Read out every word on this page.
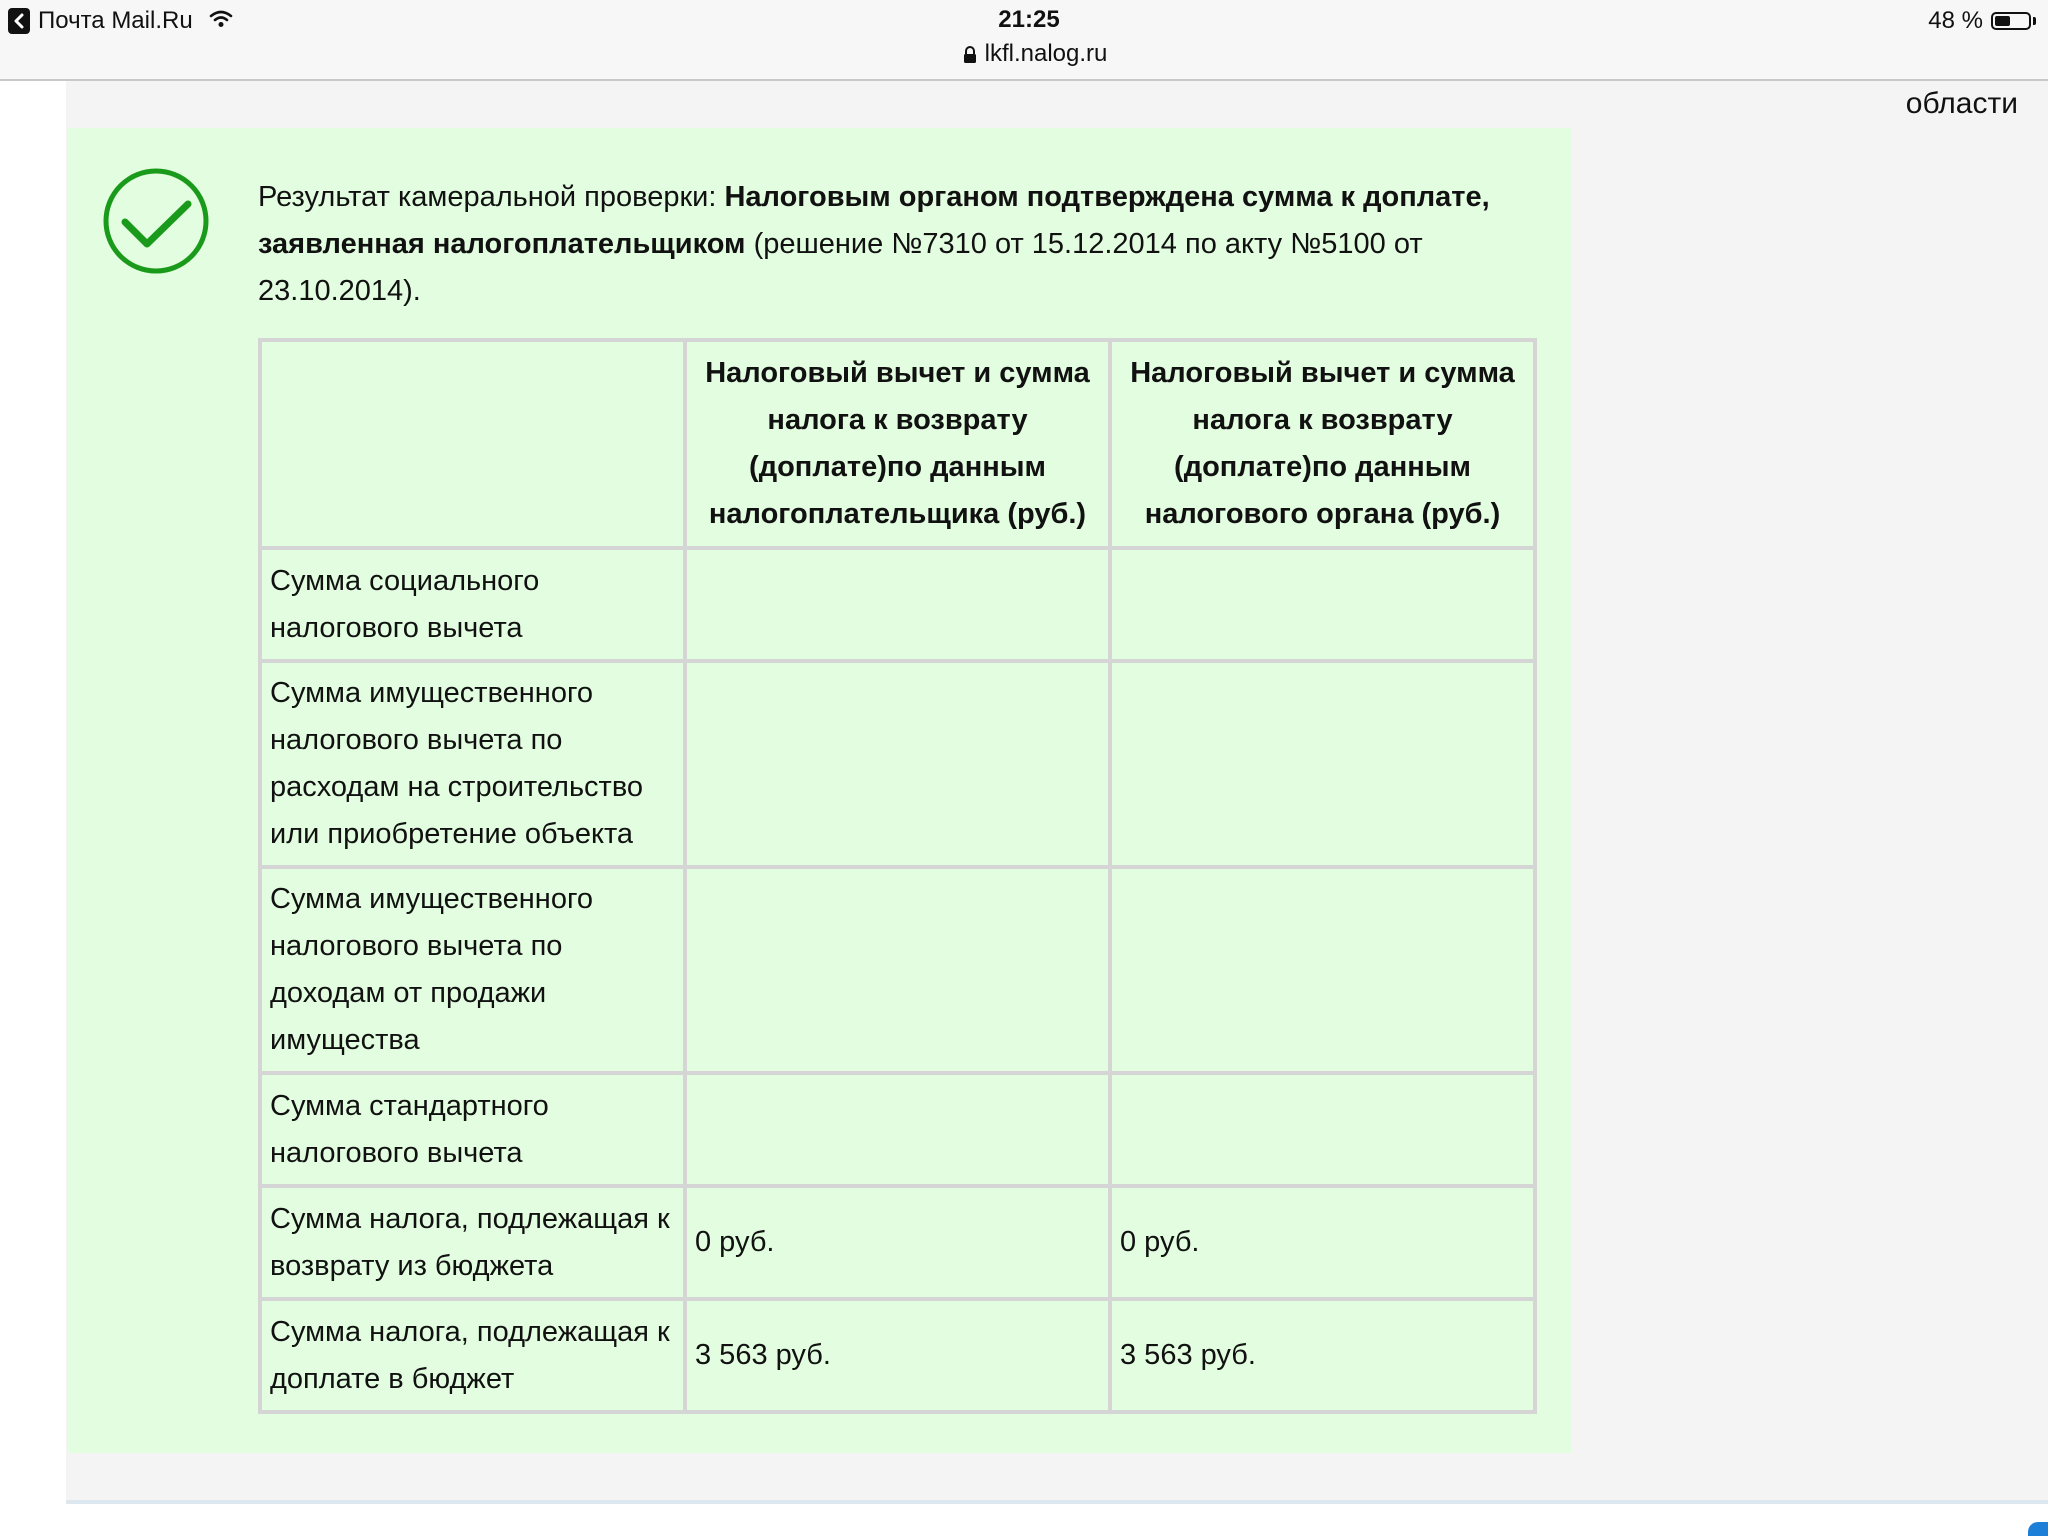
Почта Mail.Ru	21:25
lkfl.nalog.ru
48 %
области
Результат камеральной проверки: Налоговым органом подтверждена сумма к доплате, заявленная налогоплательщиком (решение №7310 от 15.12.2014 по акту №5100 от 23.10.2014).
	Налоговый вычет и сумма налога к возврату (доплате)по данным налогоплательщика (руб.)	Налоговый вычет и сумма налога к возврату (доплате)по данным налогового органа (руб.)
Сумма социального налогового вычета		
Сумма имущественного налогового вычета по расходам на строительство или приобретение объекта		
Сумма имущественного налогового вычета по доходам от продажи имущества		
Сумма стандартного налогового вычета		
Сумма налога, подлежащая к возврату из бюджета	0 руб.	0 руб.
Сумма налога, подлежащая к доплате в бюджет	3 563 руб.	3 563 руб.
